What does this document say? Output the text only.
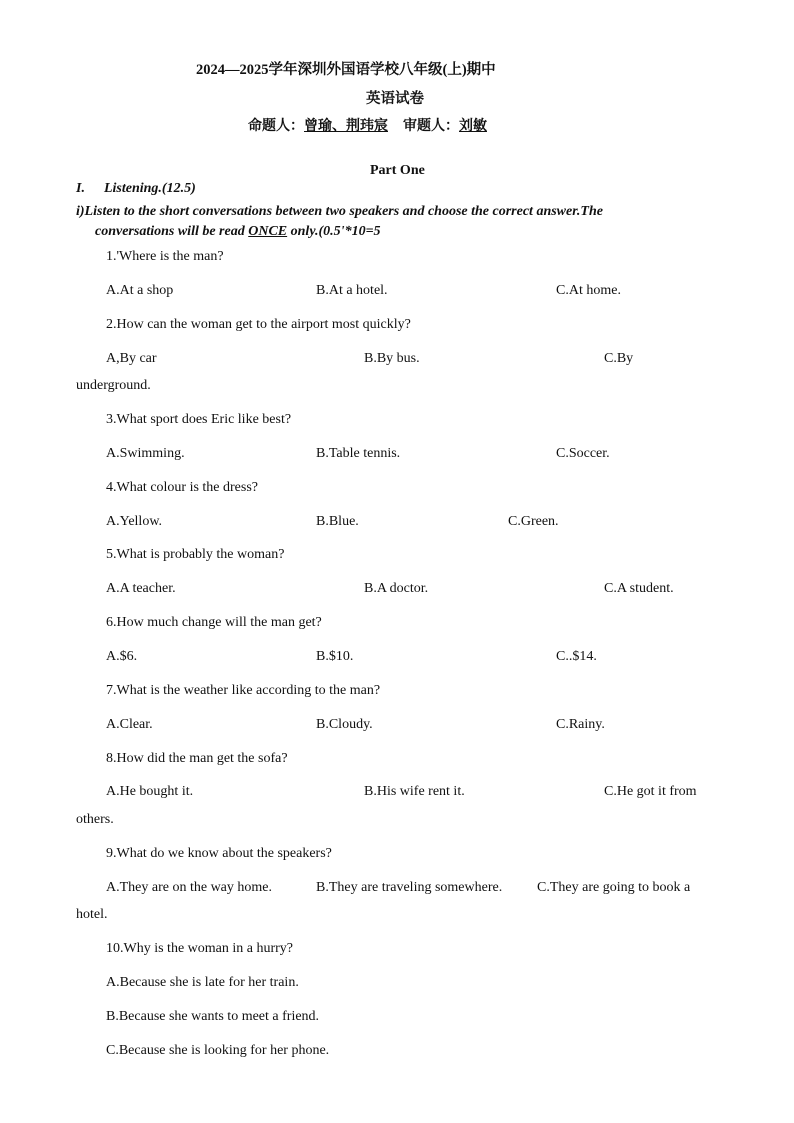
2024—2025学年深圳外国语学校八年级(上)期中
英语试卷
命题人：曾瑜、荆玮宸 审题人：刘敏
Part One
I. Listening.(12.5)
i)Listen to the short conversations between two speakers and choose the correct answer.The
conversations will be read ONCE only.(0.5'*10=5
1.'Where is the man?
A.At a shop	B.At a hotel.	C.At home.
2.How can the woman get to the airport most quickly?
A,By car	B.By bus.	C.By
underground.
3.What sport does Eric like best?
A.Swimming.	B.Table tennis.	C.Soccer.
4.What colour is the dress?
A.Yellow.	B.Blue.	C.Green.
5.What is probably the woman?
A.A teacher.	B.A doctor.	C.A student.
6.How much change will the man get?
A.$6.	B.$10.	C..$14.
7.What is the weather like according to the man?
A.Clear.	B.Cloudy.	C.Rainy.
8.How did the man get the sofa?
A.He bought it.	B.His wife rent it.	C.He got it from
others.
9.What do we know about the speakers?
A.They are on the way home.	B.They are traveling somewhere. C.They are going to book a
hotel.
10.Why is the woman in a hurry?
A.Because she is late for her train.
B.Because she wants to meet a friend.
C.Because she is looking for her phone.
